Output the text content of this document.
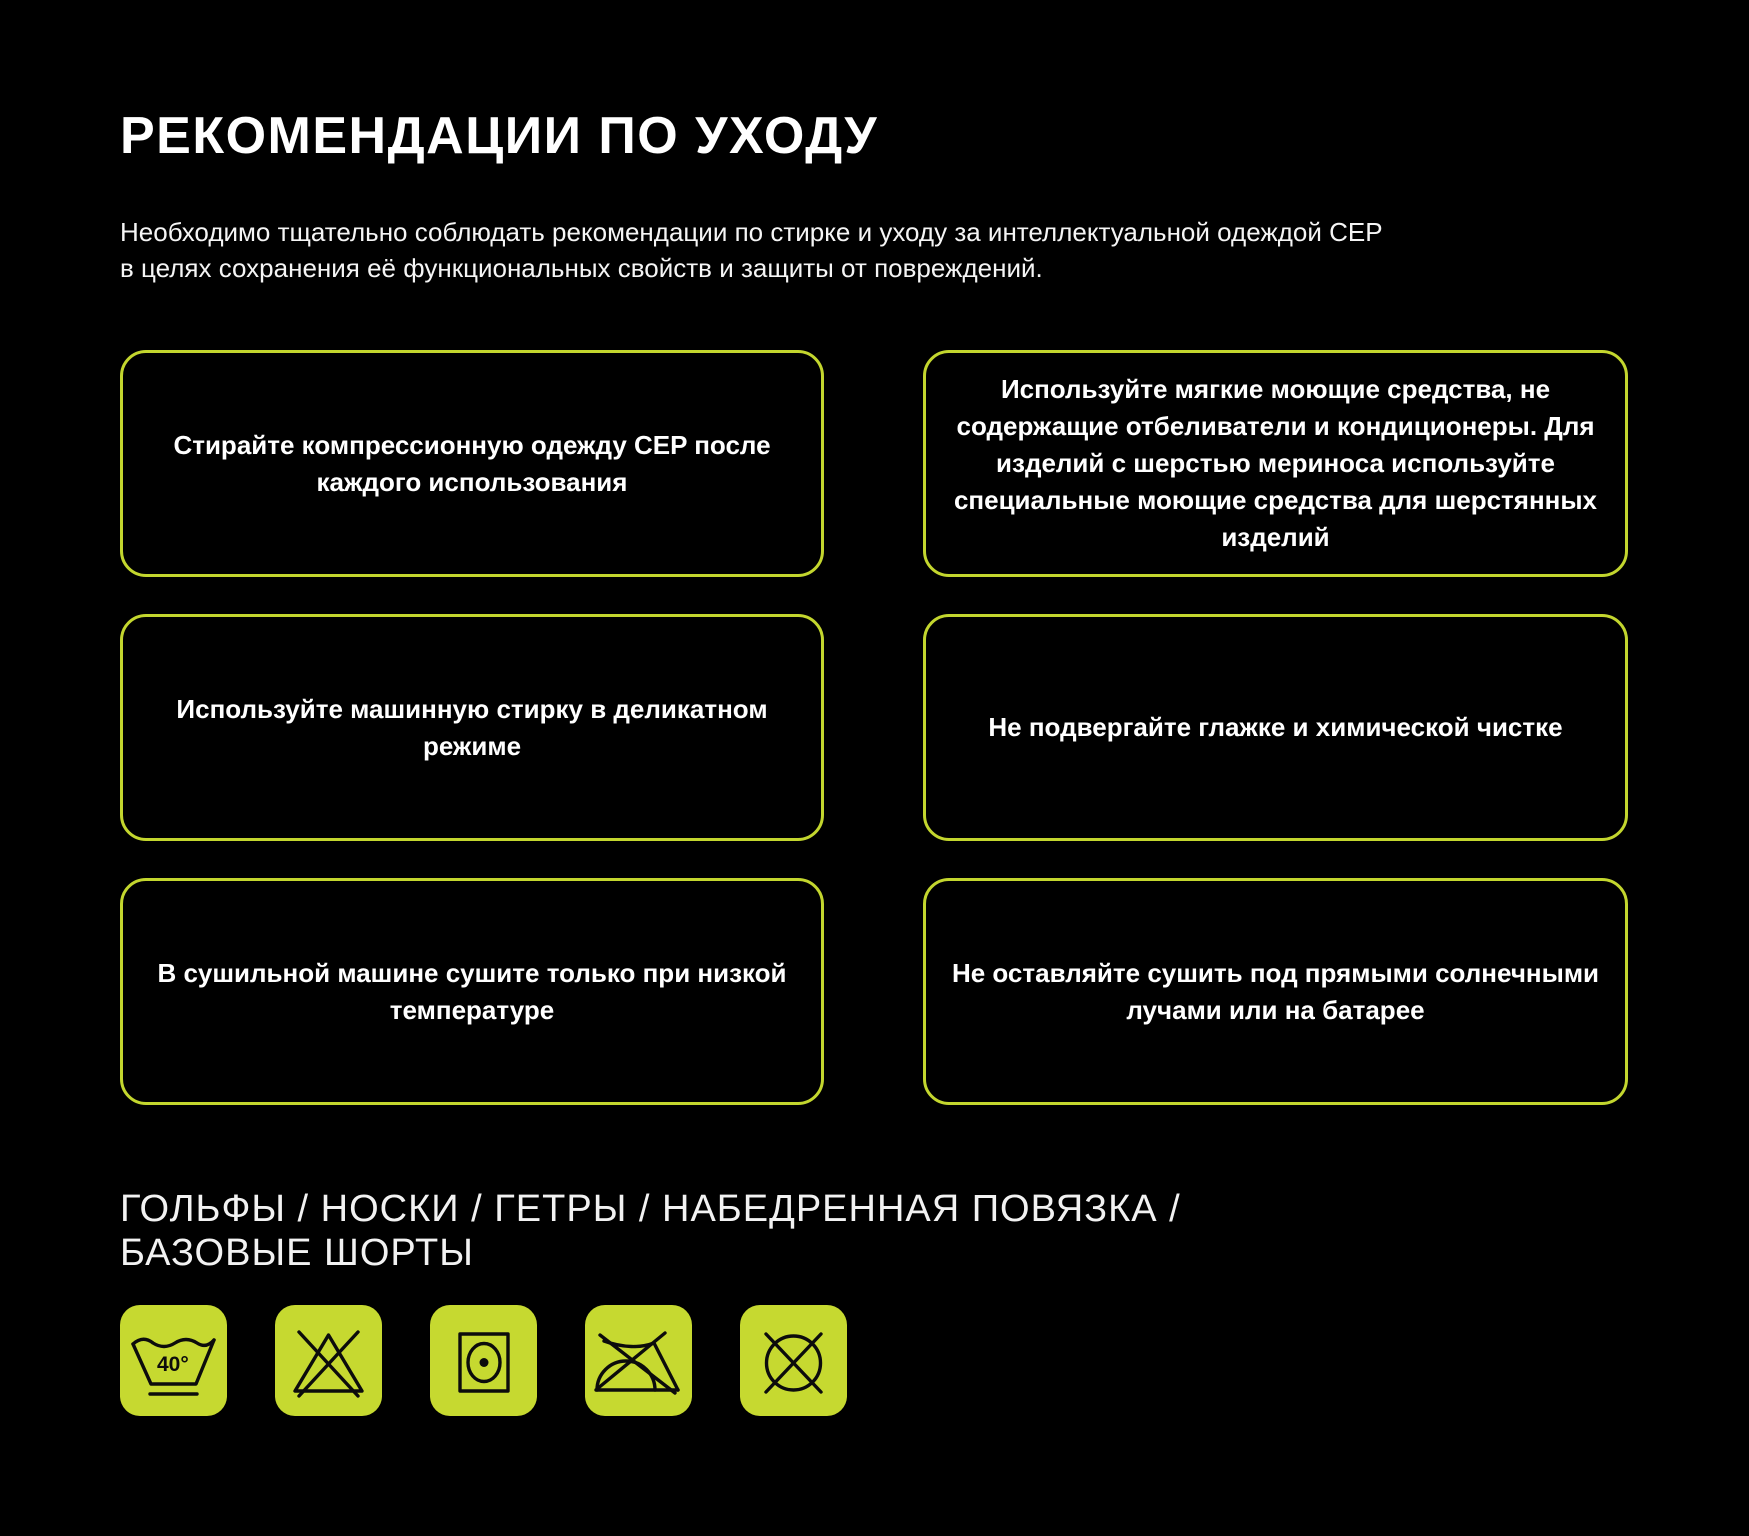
РЕКОМЕНДАЦИИ ПО УХОДУ
Необходимо тщательно соблюдать рекомендации по стирке и уходу за интеллектуальной одеждой CEP
в целях сохранения её функциональных свойств и защиты от повреждений.

Стирайте компрессионную одежду CEP после каждого использования

Используйте мягкие моющие средства, не содержащие отбеливатели и кондиционеры. Для изделий с шерстью мериноса используйте специальные моющие средства для шерстянных изделий

Используйте машинную стирку в деликатном режиме

Не подвергайте глажке и химической чистке

В сушильной машине сушите только при низкой температуре

Не оставляйте сушить под прямыми солнечными лучами или на батарее

ГОЛЬФЫ / НОСКИ / ГЕТРЫ / НАБЕДРЕННАЯ ПОВЯЗКА /
БАЗОВЫЕ ШОРТЫ
40°
